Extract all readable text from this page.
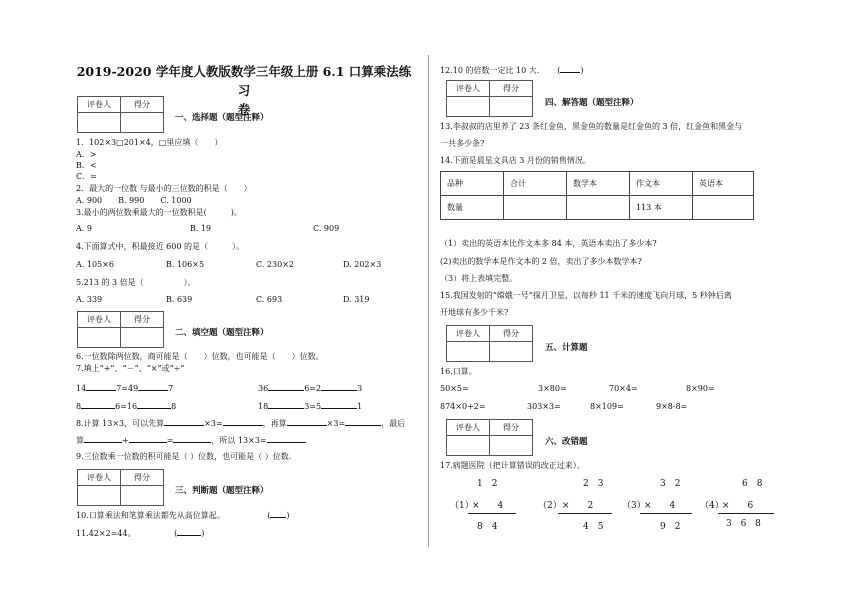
2019-2020 学年度人教版数学三年级上册 6.1 口算乘法练习
卷
评卷人	得分

一、选择题（题型注释）
1．102×3□201×4，□里应填（　　）
A．>
B．<
C．=
2．最大的一位数 与最小的三位数的积是（　　）
A. 900　　B. 990　　C. 1000
3.最小的两位数乘最大的一位数积是(　　　)。
A. 9	B. 19	C. 909
4.下面算式中，积最接近 600 的是（　　　）。
A. 105×6	B. 106×5	C. 230×2	D. 202×3
5.213 的 3 倍是（　　　　　）。
A. 339	B. 639	C. 693	D. 319
评卷人	得分

二、填空题（题型注释）
6.一位数除两位数，商可能是（　　）位数，也可能是（　　）位数。
7.填上“+”、“－”、“×”或“÷”
14	7=49	7	36	6=2	3
8	6=16	8	18	3=5	1
8.计算 13×3，可以先算	×3=	，再算	×3=	，最后
算	+	=	，所以 13×3=	.
9.三位数乘一位数的积可能是（ ）位数，也可能是（ ）位数.
评卷人	得分

三、判断题（题型注释）
10.口算乘法和笔算乘法都先从高位算起。	( )
11.42×2=44。	(	)
12.10 的倍数一定比 10 大． (	)
评卷人	得分

四、解答题（题型注释）
13.李叔叔的店里养了 23 条红金鱼，黑金鱼的数量是红金鱼的 3 倍，红金鱼和黑金与
一共多少条?
14.下面是晨星文具店 3 月份的销售情况。
品种	合计	数学本	作文本	英语本
数量			113 本	
（1）卖出的英语本比作文本多 84 本，英语本卖出了多少本?
(2)卖出的数学本是作文本的 2 倍，卖出了多少本数学本?
（3）将上表填完整。
15.我国发射的“嫦娥一号”探月卫星，以每秒 11 千米的速度飞向月球，5 秒钟后离
开地球有多少千米?
评卷人	得分

五、计算题
16.口算。
50×5=	3×80=	70×4=	8×90=
874×0+2=	303×3=	8×109=	9×8-8=
评卷人	得分

六、改错题
17.病题医院（把计算错误的改正过来）。
1　2
（1）
×　　4
8　4
2　3
（2） ×　　2
4　5
3　2
（3）
×　　4
9　2
6　8
（4）
×　　6
3 6 8
